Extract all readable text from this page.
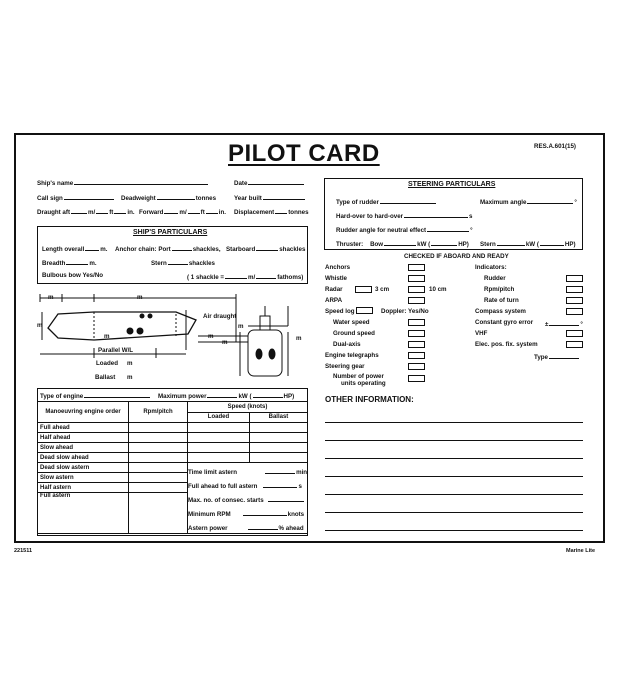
PILOT CARD	RES.A.601(15)
Ship's name	Date
Call sign	Deadweight	tonnes	Year built
Draught aft	m/ ft in. Forward	m/ ft in. Displacement tonnes
SHIP'S PARTICULARS
Length overall	m. Anchor chain: Port	shackles, Starboard	shackles
Breadth	m.	Stern	shackles
Bulbous bow Yes/No	( 1 shackle =	m/	fathoms)
m	m
m
m
m
m
m
m
Air draught
Parallel W/L
Loaded m
Ballast m
STEERING PARTICULARS
Type of rudder	Maximum angle	°
Hard-over to hard-over	s
Rudder angle for neutral effect	°
Thruster: Bow	kW (	HP) Stern	kW (	HP)
CHECKED IF ABOARD AND READY
Anchors
Whistle
Radar	3 cm	10 cm
ARPA
Speed log	Doppler: Yes/No
Water speed
Ground speed
Dual-axis
Engine telegraphs
Steering gear
Number of power
units operating
Indicators:
Rudder
Rpm/pitch
Rate of turn
Compass system
Constant gyro error ±	°
VHF
Elec. pos. fix. system
Type
Type of engine	Maximum power	kW (	HP)
Manoeuvring engine order	Rpm/pitch	Speed (knots)	
		Loaded	Ballast
Full ahead			
Half ahead			
Slow ahead			
Dead slow ahead			
Dead slow astern			
Slow astern			
Half astern			
Full astern			
Time limit astern	min
Full ahead to full astern	s
Max. no. of consec. starts
Minimum RPM	knots
Astern power	% ahead
OTHER INFORMATION:
221511	Marine Lite
